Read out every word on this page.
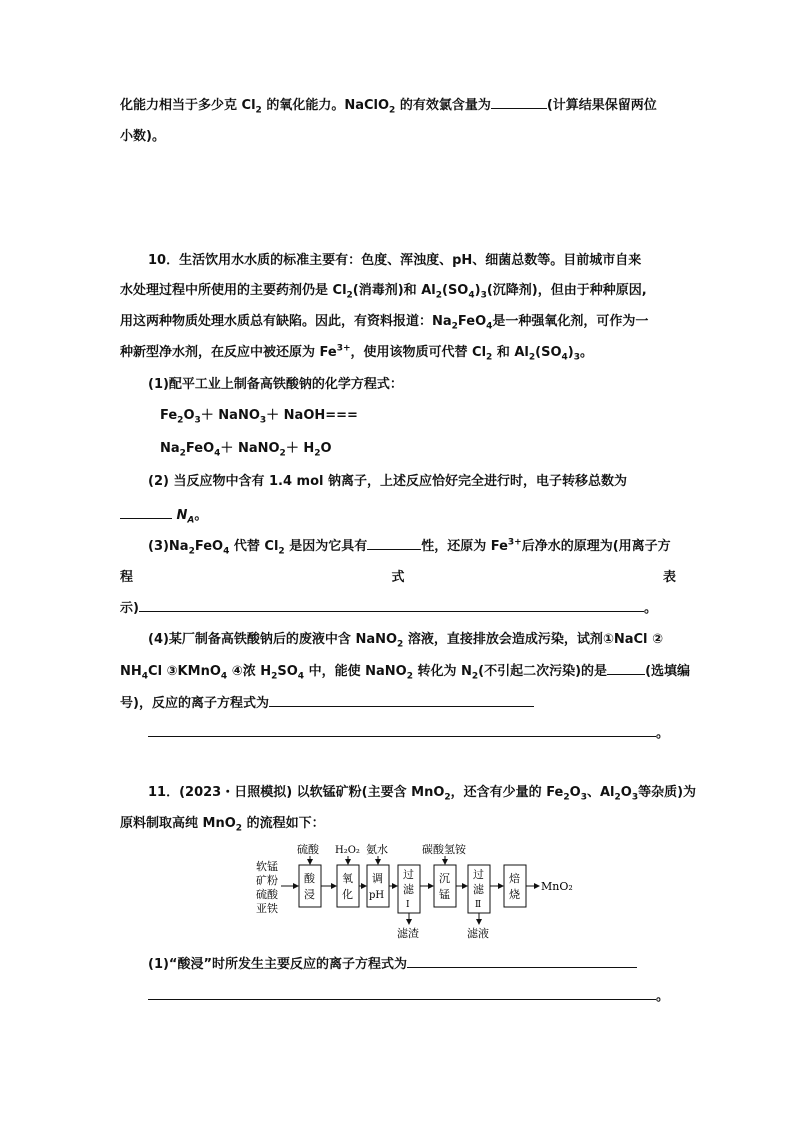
化能力相当于多少克 $Cl_2$ 的氧化能力。NaClO$_2$ 的有效氯含量为	(计算结果保留两位
小数)。
10．生活饮用水水质的标准主要有：色度、浑浊度、pH、细菌总数等。目前城市自来
水处理过程中所使用的主要药剂仍是 $Cl_2$(消毒剂)和 $Al_2(SO_4)_3$(沉降剂)，但由于种种原因,
用这两种物质处理水质总有缺陷。因此，有资料报道：$Na_2FeO_4$是一种强氧化剂，可作为一
种新型净水剂，在反应中被还原为 $Fe^{3+}$，使用该物质可代替 $Cl_2$ 和 $Al_2(SO_4)_3$。
(1)配平工业上制备高铁酸钠的化学方程式：
$Fe_2O_3+$ NaNO$_3$＋ NaOH===
$Na_2FeO_4+$ NaNO$_2$＋ $H_2O$
(2) 当反应物中含有 1.4 mol 钠离子，上述反应恰好完全进行时，电子转移总数为
$N_A$。
$(3)Na_2FeO_4$ 代替 $Cl_2$ 是因为它具有	性，还原为 $Fe^{3+}$后净水的原理为(用离子方
程	式	表
示)	。
(4)某厂制备高铁酸钠后的废液中含 NaNO$_2$ 溶液，直接排放会造成污染，试剂①NaCl ②
$NH_4Cl$ ③KMnO$_4$ ④浓 $H_2SO_4$ 中，能使 NaNO$_2$ 转化为 $N_2$(不引起二次污染)的是	(选填编
号)，反应的离子方程式为
。
11．(2023・日照模拟) 以软锰矿粉(主要含 MnO$_2$，还含有少量的 $Fe_2O_3$、$Al_2O_3$等杂质)为
原料制取高纯 MnO$_2$ 的流程如下：
软锰
矿粉
硫酸
亚铁
酸
浸
硫酸
氧
化
H₂O₂
调
pH
氨水
过
滤
Ⅰ
滤渣
沉
锰
碳酸氢铵
过
滤
Ⅱ
滤液
焙
烧
MnO₂
(1)“酸浸”时所发生主要反应的离子方程式为
。
